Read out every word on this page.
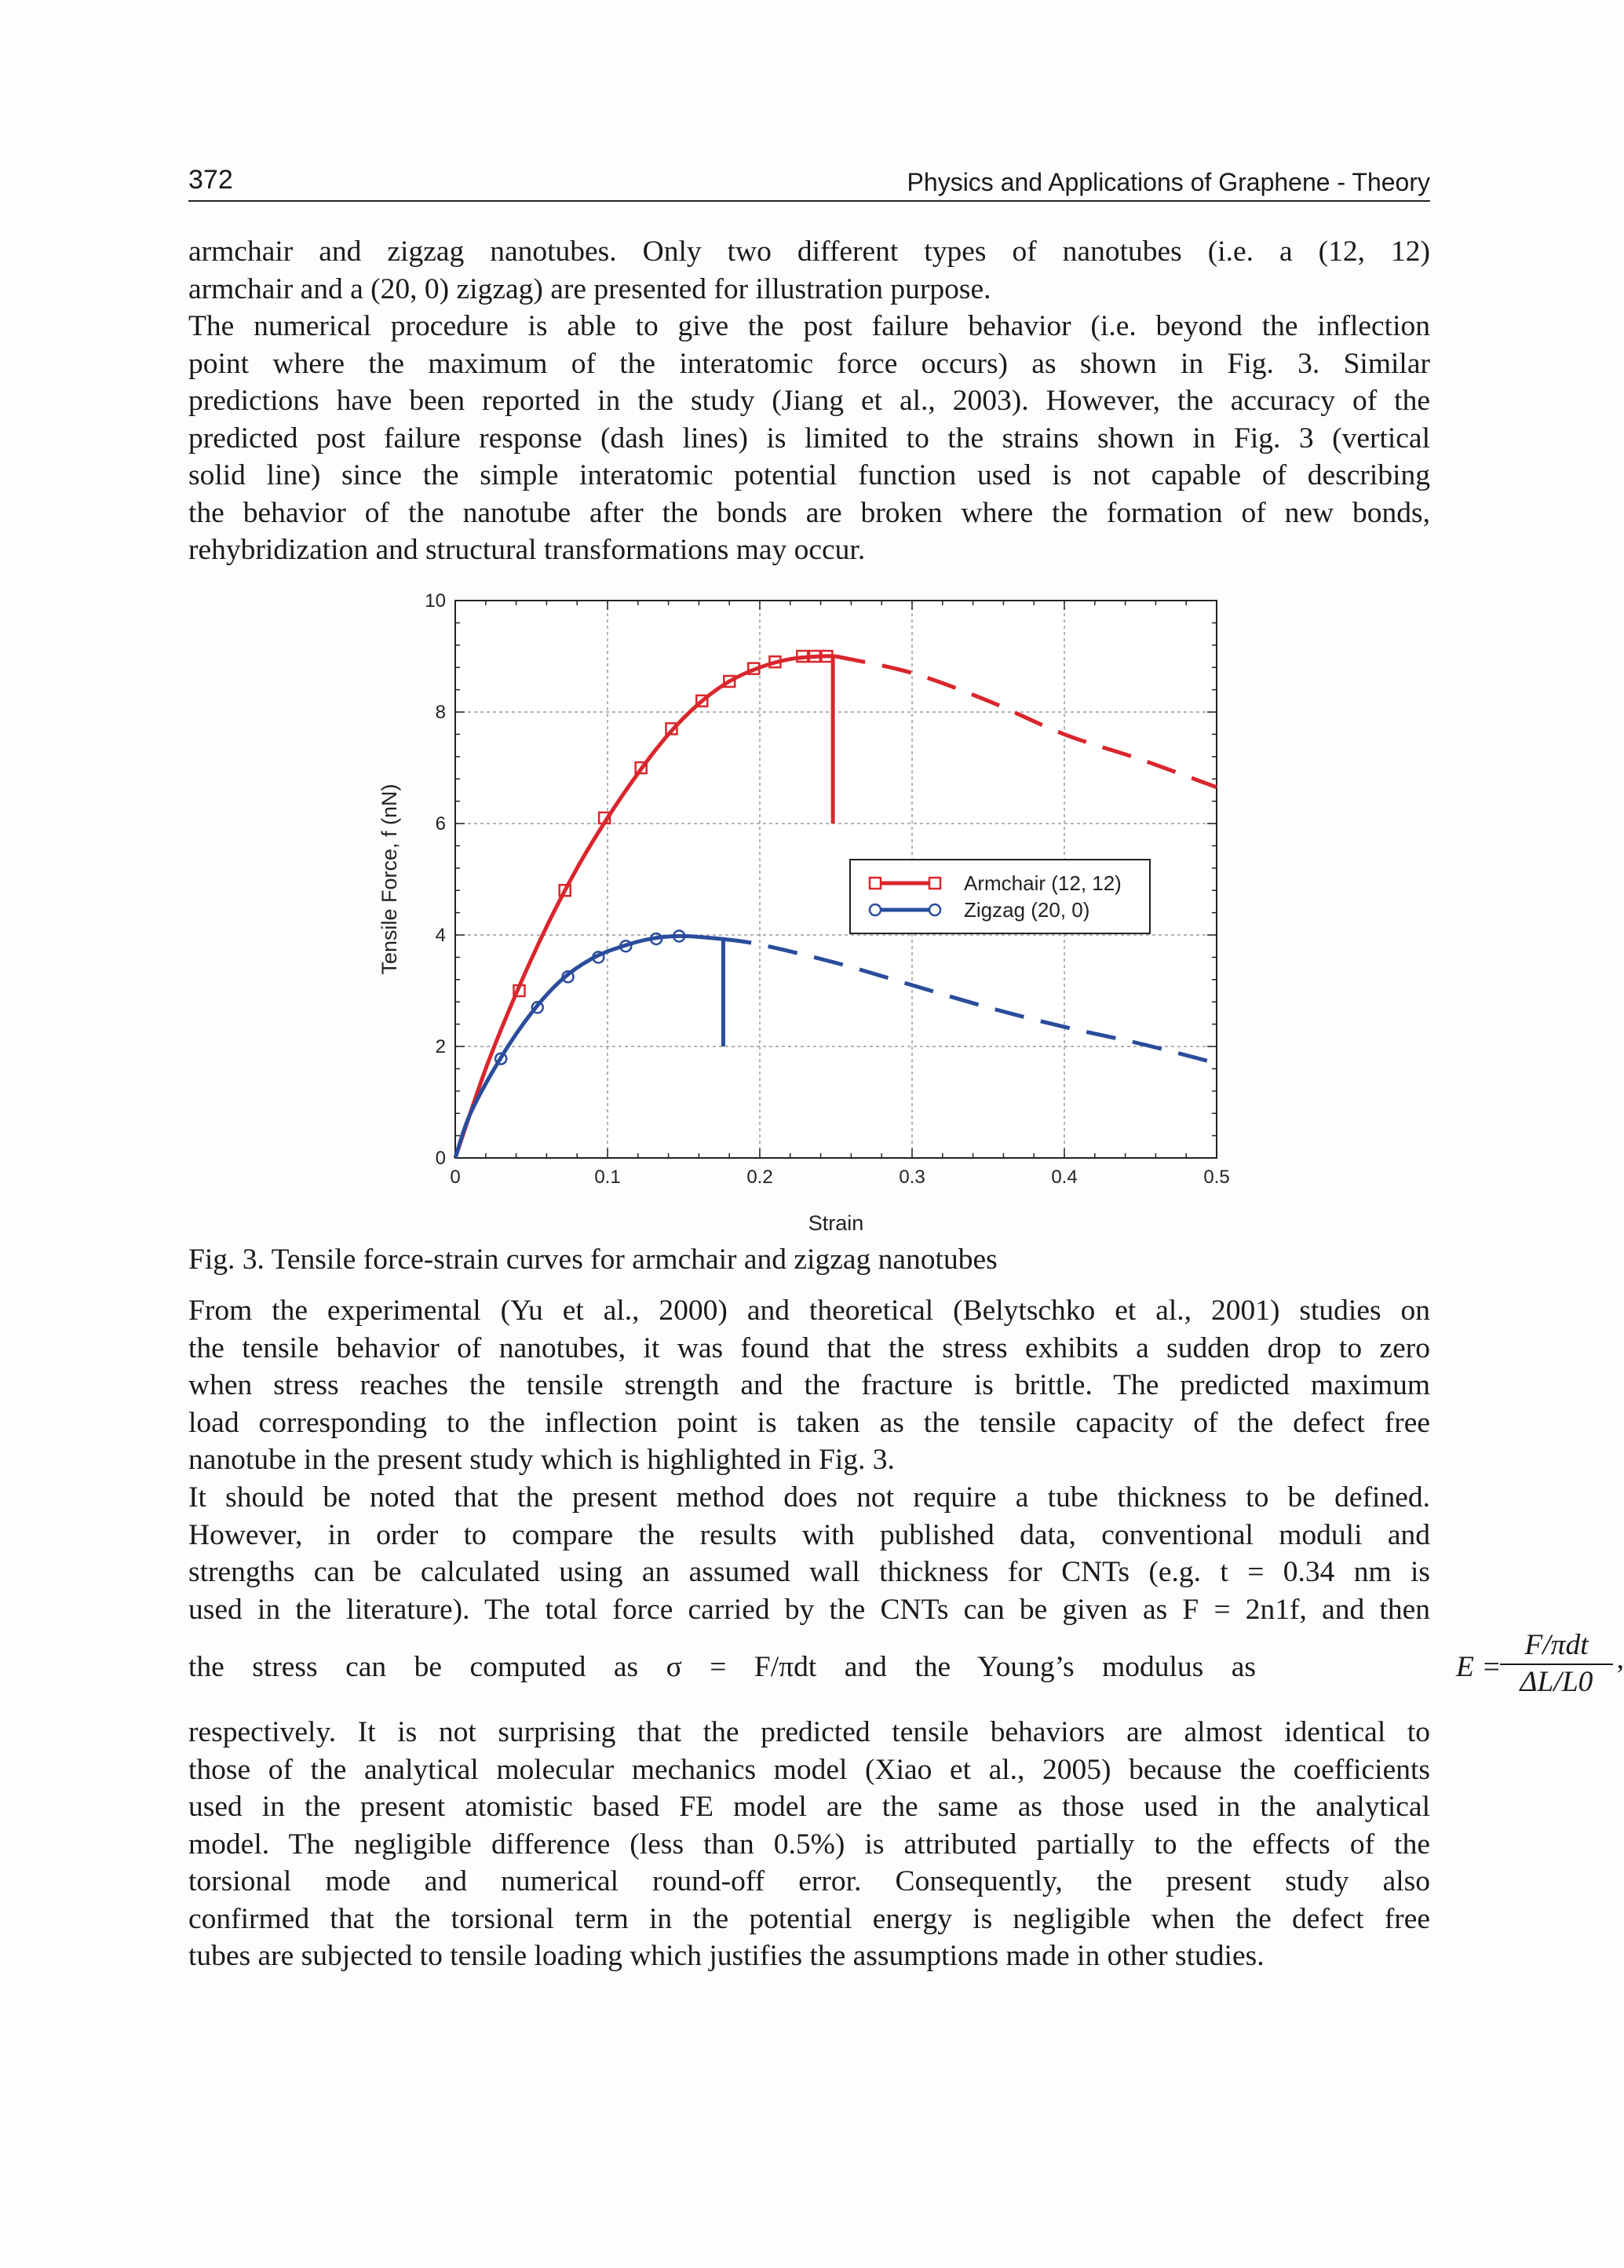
372	Physics and Applications of Graphene - Theory
armchair and zigzag nanotubes. Only two different types of nanotubes (i.e. a (12, 12)
armchair and a (20, 0) zigzag) are presented for illustration purpose.
The numerical procedure is able to give the post failure behavior (i.e. beyond the inflection
point where the maximum of the interatomic force occurs) as shown in Fig. 3. Similar
predictions have been reported in the study (Jiang et al., 2003). However, the accuracy of the
predicted post failure response (dash lines) is limited to the strains shown in Fig. 3 (vertical
solid line) since the simple interatomic potential function used is not capable of describing
the behavior of the nanotube after the bonds are broken where the formation of new bonds,
rehybridization and structural transformations may occur.
0	0.1	0.2	0.3	0.4	0.5
0
2
4
6
8
10
Strain
Tensile Force, f (nN)	Armchair (12, 12)
Zigzag (20, 0)
Fig. 3. Tensile force-strain curves for armchair and zigzag nanotubes
From the experimental (Yu et al., 2000) and theoretical (Belytschko et al., 2001) studies on
the tensile behavior of nanotubes, it was found that the stress exhibits a sudden drop to zero
when stress reaches the tensile strength and the fracture is brittle. The predicted maximum
load corresponding to the inflection point is taken as the tensile capacity of the defect free
nanotube in the present study which is highlighted in Fig. 3.
It should be noted that the present method does not require a tube thickness to be defined.
However, in order to compare the results with published data, conventional moduli and
strengths can be calculated using an assumed wall thickness for CNTs (e.g. t = 0.34 nm is
used in the literature). The total force carried by the CNTs can be given as F = 2n1f, and then
the stress can be computed as σ = F/πdt and the Young’s modulus as	E =
F/πdt
ΔL/L0
,
respectively. It is not surprising that the predicted tensile behaviors are almost identical to
those of the analytical molecular mechanics model (Xiao et al., 2005) because the coefficients
used in the present atomistic based FE model are the same as those used in the analytical
model. The negligible difference (less than 0.5%) is attributed partially to the effects of the
torsional mode and numerical round-off error. Consequently, the present study also
confirmed that the torsional term in the potential energy is negligible when the defect free
tubes are subjected to tensile loading which justifies the assumptions made in other studies.
